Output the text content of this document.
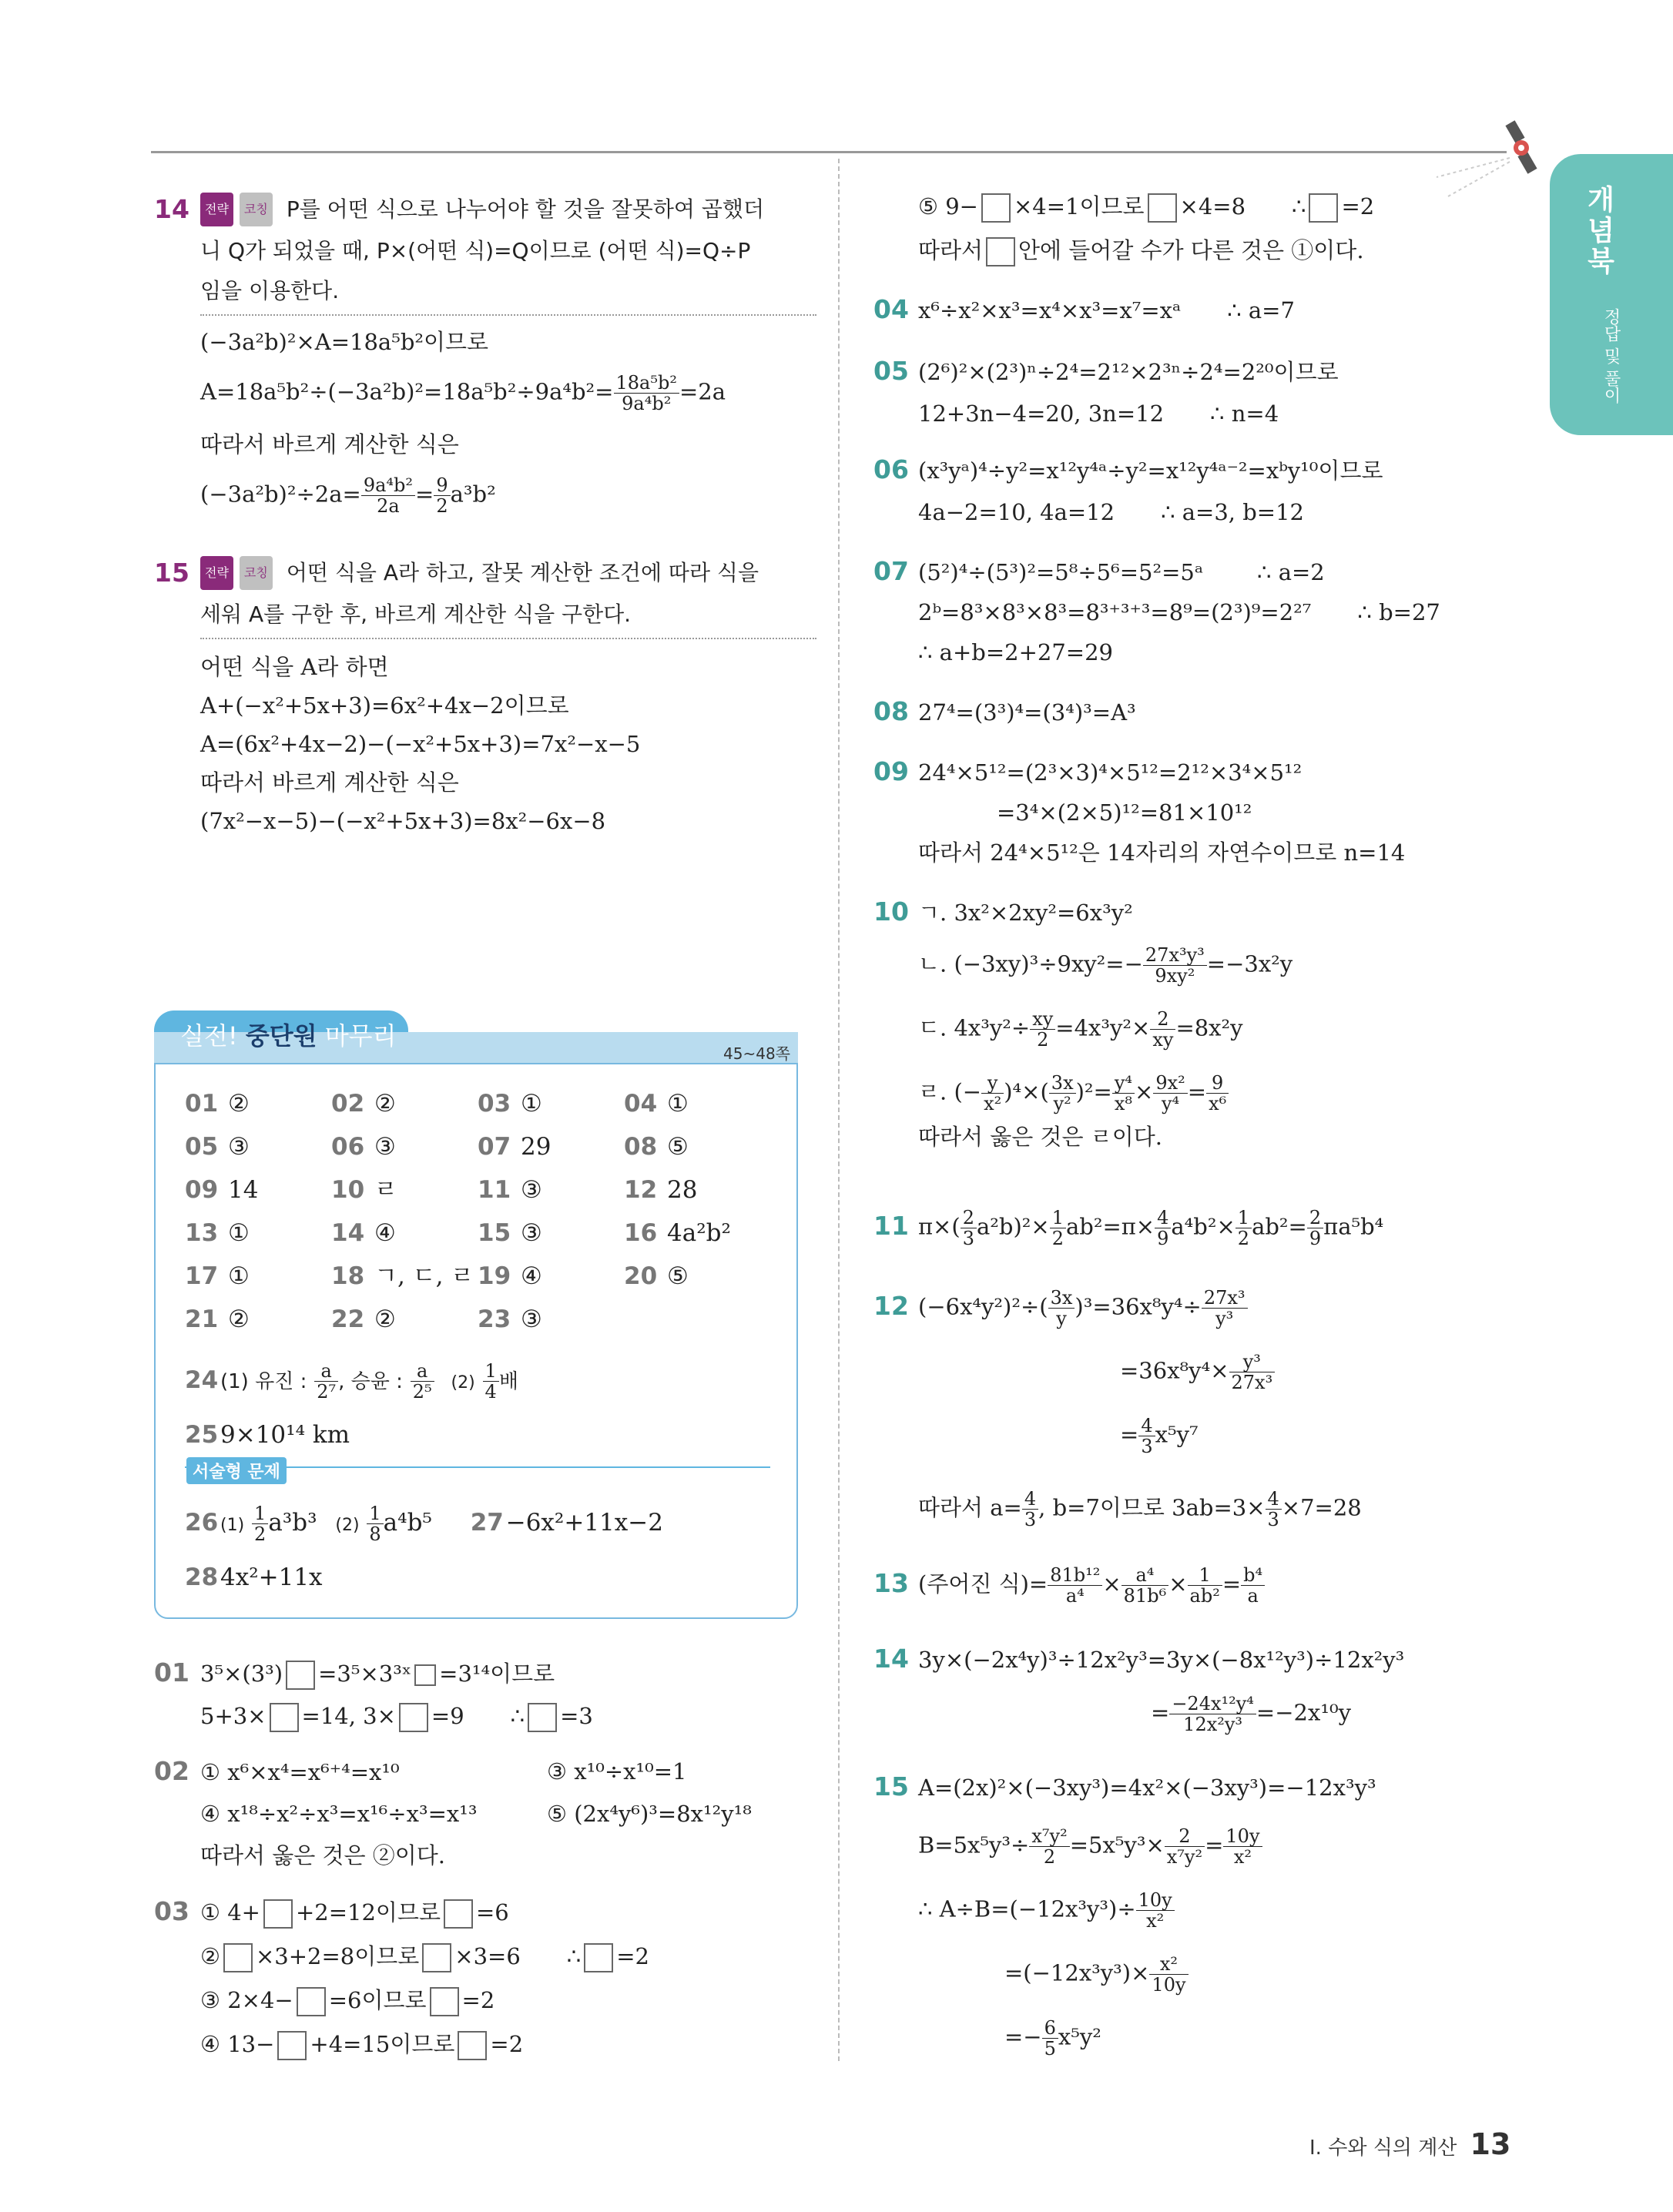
개념북
정답 및 풀이
14	전략	코칭 P를 어떤 식으로 나누어야 할 것을 잘못하여 곱했더
니 Q가 되었을 때, P×(어떤 식)=Q이므로 (어떤 식)=Q÷P
임을 이용한다.
(−3a²b)²×A=18a⁵b²이므로
$A=18a^5b^2\div(-3a^2b)^2=18a^5b^2\div 9a^4b^2= \frac{\text{18a⁵b²}}{\text{9a⁴b²}} =2a$
따라서 바르게 계산한 식은
$(-3a^2b)^2\div 2a= \frac{\text{9a⁴b²}}{2a} = \frac{9}{2} a^3b^2$
15	전략	코칭 어떤 식을 A라 하고, 잘못 계산한 조건에 따라 식을
세워 A를 구한 후, 바르게 계산한 식을 구한다.
어떤 식을 A라 하면
A+(−x²+5x+3)=6x²+4x−2이므로
A=(6x²+4x−2)−(−x²+5x+3)=7x²−x−5
따라서 바르게 계산한 식은
(7x²−x−5)−(−x²+5x+3)=8x²−6x−8
실전! 중단원 마무리
45~48쪽
01 ②	02 ②	03 ①	04 ①
05 ③	06 ③	07 29	08 ⑤
09 14	10 ㄹ	11 ③	12 28
13 ①	14 ④	15 ③	16 4a²b²
17 ①	18 ㄱ, ㄷ, ㄹ 19 ④	20 ⑤
21 ②	22 ②	23 ③
24 (1) 유진 : $\frac{a}{\text{2⁷}}$ , 승윤 : $\frac{a}{\text{2⁵}} (2) \frac{1}{4}$ 배
259×10¹⁴ km
서술형 문제
26 $(1) \frac{1}{2} a^3b^3$ $(2) \frac{1}{8} a^4b^5$ 27−6x²+11x−2
284x²+11x
01 3⁵×(3³) =3⁵×3³ˣ =3¹⁴이므로
5+3× =14, 3× =9 ∴ =3
02 ① x⁶×x⁴=x⁶⁺⁴=x¹⁰	③ x¹⁰÷x¹⁰=1
④ x¹⁸÷x²÷x³=x¹⁶÷x³=x¹³	⑤ (2x⁴y⁶)³=8x¹²y¹⁸
따라서 옳은 것은 ②이다.
03 ① 4+ +2=12이므로 =6
② ×3+2=8이므로 ×3=6 ∴ =2
③ 2×4− =6이므로 =2
④ 13− +4=15이므로 =2
⑤ 9− ×4=1이므로 ×4=8 ∴ =2
따라서 안에 들어갈 수가 다른 것은 ①이다.
04 x⁶÷x²×x³=x⁴×x³=x⁷=xᵃ ∴ a=7
05 (2⁶)²×(2³)ⁿ÷2⁴=2¹²×2³ⁿ÷2⁴=2²⁰이므로
12+3n−4=20, 3n=12 ∴ n=4
06 (x³yᵃ)⁴÷y²=x¹²y⁴ᵃ÷y²=x¹²y⁴ᵃ⁻²=xᵇy¹⁰이므로
4a−2=10, 4a=12 ∴ a=3, b=12
07 (5²)⁴÷(5³)²=5⁸÷5⁶=5²=5ᵃ ∴ a=2
2ᵇ=8³×8³×8³=8³⁺³⁺³=8⁹=(2³)⁹=2²⁷ ∴ b=27
∴ a+b=2+27=29
08 27⁴=(3³)⁴=(3⁴)³=A³
09 24⁴×5¹²=(2³×3)⁴×5¹²=2¹²×3⁴×5¹²
=3⁴×(2×5)¹²=81×10¹²
따라서 24⁴×5¹²은 14자리의 자연수이므로 n=14
10 ㄱ. 3x²×2xy²=6x³y²
ㄴ. $(-3xy)^3\div 9xy^2=- \frac{\text{27x³y³}}{\text{9xy²}} =-3x^2y$
ㄷ. $4x^3y^2\div \frac{xy}{2} =4x^3y^2\times \frac{2}{xy} =8x^2y$
ㄹ. (− $\frac{y}{\text{x²}} )^4\times( \frac{3x}{\text{y²}} )^2= \frac{\text{y⁴}}{\text{x⁸}} \times \frac{\text{9x²}}{\text{y⁴}} = \frac{9}{\text{x⁶}}$
따라서 옳은 것은 ㄹ이다.
11 $\pi\times( \frac{2}{3} a^2b)^2\times \frac{1}{2} ab^2=\pi\times \frac{4}{9} a^4b^2\times \frac{1}{2} ab^2= \frac{2}{9} \pi a^5b^4$
12 $(-6x^4y^2)^2\div( \frac{3x}{y} )^3=36x^8y^4\div \frac{\text{27x³}}{\text{y³}}$
$=36x^8y^4\times \frac{\text{y³}}{\text{27x³}}$
= $\frac{4}{3} x^5y^7$
따라서 $a= \frac{4}{3}$ , b=7이므로 $3ab=3\times \frac{4}{3} \times 7=28$
13 (주어진 식)= $\frac{\text{81b¹²}}{\text{a⁴}} \times \frac{\text{a⁴}}{\text{81b⁶}} \times \frac{1}{\text{ab²}} = \frac{\text{b⁴}}{a}$
14 3y×(−2x⁴y)³÷12x²y³=3y×(−8x¹²y³)÷12x²y³
= $\frac{\text{−24x¹²y⁴}}{\text{12x²y³}} =-2x^{10}y$
15 A=(2x)²×(−3xy³)=4x²×(−3xy³)=−12x³y³
$B=5x^5y^3\div \frac{\text{x⁷y²}}{2} =5x^5y^3\times \frac{2}{\text{x⁷y²}} = \frac{10y}{\text{x²}}$
∴ $A\div B=(-12x^3y^3)\div \frac{10y}{\text{x²}}$
$=(-12x^3y^3)\times \frac{\text{x²}}{10y}$
=− $\frac{6}{5} x^5y^2$
Ⅰ. 수와 식의 계산 13
